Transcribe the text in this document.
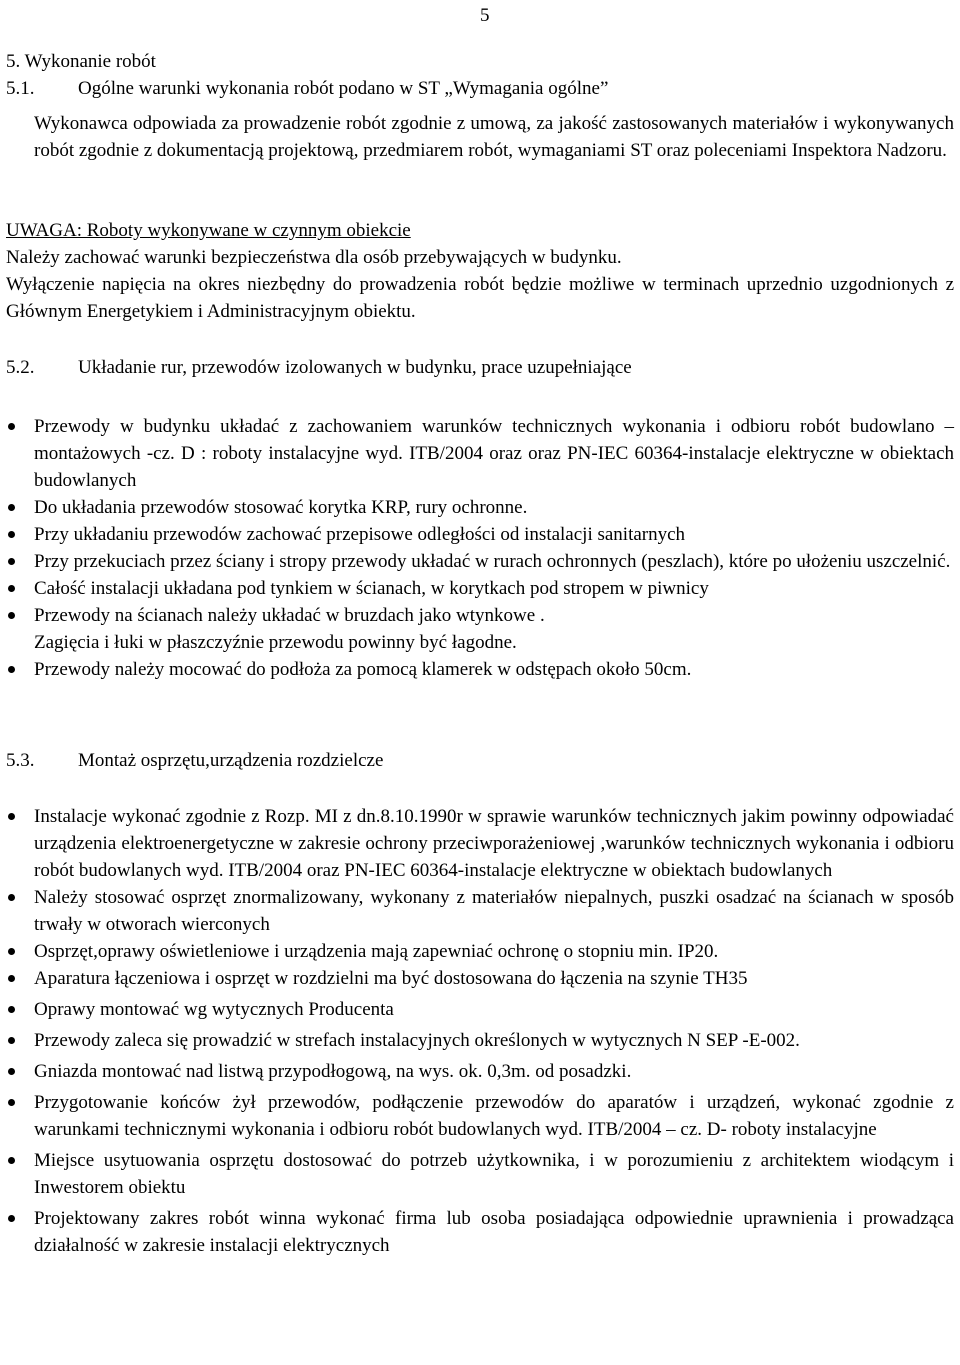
5
5. Wykonanie robót
5.1. Ogólne warunki wykonania robót podano w ST „Wymagania ogólne”
Wykonawca odpowiada za prowadzenie robót zgodnie z umową, za jakość zastosowanych materiałów i wykonywanych robót zgodnie z dokumentacją projektową, przedmiarem robót, wymaganiami ST oraz poleceniami Inspektora Nadzoru.
UWAGA: Roboty wykonywane w czynnym obiekcie
Należy zachować warunki bezpieczeństwa dla osób przebywających w budynku.
Wyłączenie napięcia na okres niezbędny do prowadzenia robót będzie możliwe w terminach uprzednio uzgodnionych z Głównym Energetykiem i Administracyjnym obiektu.
5.2. Układanie rur, przewodów izolowanych w budynku, prace uzupełniające
Przewody w budynku układać z zachowaniem warunków technicznych wykonania i odbioru robót budowlano – montażowych -cz. D : roboty instalacyjne wyd. ITB/2004 oraz oraz PN-IEC 60364-instalacje elektryczne w obiektach budowlanych
Do układania przewodów stosować korytka KRP, rury ochronne.
Przy układaniu przewodów zachować przepisowe odległości od instalacji sanitarnych
Przy przekuciach przez ściany i stropy przewody układać w rurach ochronnych (peszlach), które po ułożeniu uszczelnić.
Całość instalacji układana pod tynkiem w ścianach, w korytkach pod stropem w piwnicy
Przewody na ścianach należy układać w bruzdach jako wtynkowe .
Zagięcia i łuki w płaszczyźnie przewodu powinny być łagodne.
Przewody należy mocować do podłoża za pomocą klamerek w odstępach około 50cm.
5.3. Montaż osprzętu,urządzenia rozdzielcze
Instalacje wykonać zgodnie z Rozp. MI z dn.8.10.1990r w sprawie warunków technicznych jakim powinny odpowiadać urządzenia elektroenergetyczne w zakresie ochrony przeciwporażeniowej ,warunków technicznych wykonania i odbioru robót budowlanych wyd. ITB/2004 oraz PN-IEC 60364-instalacje elektryczne w obiektach budowlanych
Należy stosować osprzęt znormalizowany, wykonany z materiałów niepalnych, puszki osadzać na ścianach w sposób trwały w otworach wierconych
Osprzęt,oprawy oświetleniowe i urządzenia mają zapewniać ochronę o stopniu min. IP20.
Aparatura łączeniowa i osprzęt w rozdzielni ma być dostosowana do łączenia na szynie TH35
Oprawy montować wg wytycznych Producenta
Przewody zaleca się prowadzić w strefach instalacyjnych określonych w wytycznych N SEP -E-002.
Gniazda montować nad listwą przypodłogową, na wys. ok. 0,3m. od posadzki.
Przygotowanie końców żył przewodów, podłączenie przewodów do aparatów i urządzeń, wykonać zgodnie z warunkami technicznymi wykonania i odbioru robót budowlanych wyd. ITB/2004 – cz. D- roboty instalacyjne
Miejsce usytuowania osprzętu dostosować do potrzeb użytkownika, i w porozumieniu z architektem wiodącym i Inwestorem obiektu
Projektowany zakres robót winna wykonać firma lub osoba posiadająca odpowiednie uprawnienia i prowadząca działalność w zakresie instalacji elektrycznych
